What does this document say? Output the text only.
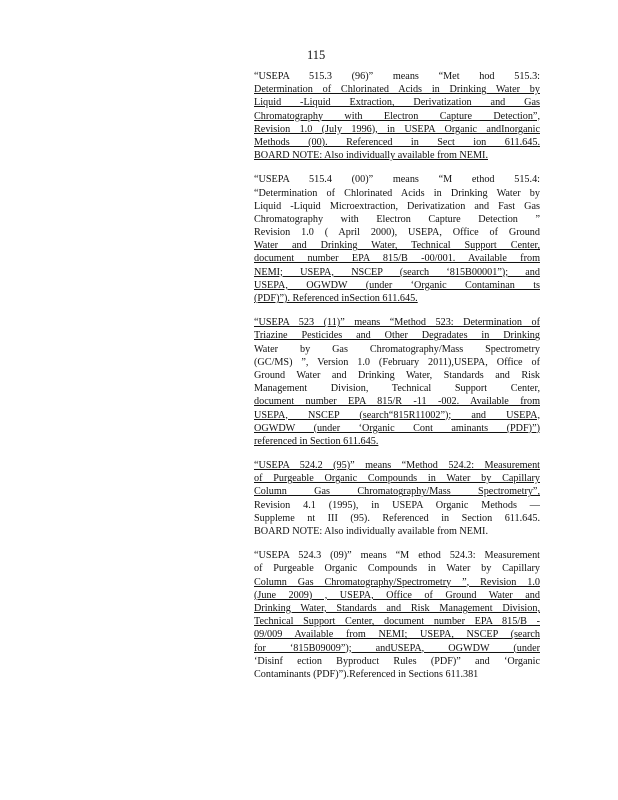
115
“USEPA 515.3 (96)” means “Met hod 515.3:
Determination of Chlorinated Acids in Drinking Water by
Liquid -Liquid Extraction, Derivatization and Gas
Chromatography with Electron Capture Detection”,
Revision 1.0 (July 1996), in USEPA Organic andInorganic
Methods (00). Referenced in Sect ion 611.645.
BOARD NOTE: Also individually available from NEMI.
“USEPA 515.4 (00)” means “M ethod 515.4:
“Determination of Chlorinated Acids in Drinking Water by
Liquid -Liquid Microextraction, Derivatization and Fast Gas
Chromatography with Electron Capture Detection ”
Revision 1.0 ( April 2000), USEPA, Office of Ground
Water and Drinking Water, Technical Support Center,
document number EPA 815/B -00/001. Available from
NEMI; USEPA, NSCEP (search ‘815B00001”); and
USEPA, OGWDW (under ‘Organic Contaminan ts
(PDF)”). Referenced inSection 611.645.
“USEPA 523 (11)” means “Method 523: Determination of
Triazine Pesticides and Other Degradates in Drinking
Water by Gas Chromatography/Mass Spectrometry
(GC/MS) ”, Version 1.0 (February 2011),USEPA, Office of
Ground Water and Drinking Water, Standards and Risk
Management Division, Technical Support Center,
document number EPA 815/R -11 -002. Available from
USEPA, NSCEP (search“815R11002”); and USEPA,
OGWDW (under ‘Organic Cont aminants (PDF)”)
referenced in Section 611.645.
“USEPA 524.2 (95)” means “Method 524.2: Measurement
of Purgeable Organic Compounds in Water by Capillary
Column Gas Chromatography/Mass Spectrometry”,
Revision 4.1 (1995), in USEPA Organic Methods —
Suppleme nt III (95). Referenced in Section 611.645.
BOARD NOTE: Also individually available from NEMI.
“USEPA 524.3 (09)” means “M ethod 524.3: Measurement
of Purgeable Organic Compounds in Water by Capillary
Column Gas Chromatography/Spectrometry ”, Revision 1.0
(June 2009) , USEPA, Office of Ground Water and
Drinking Water, Standards and Risk Management Division,
Technical Support Center, document number EPA 815/B -
09/009 Available from NEMI; USEPA, NSCEP (search
for ‘815B09009”); andUSEPA, OGWDW (under
‘Disinf ection Byproduct Rules (PDF)” and ‘Organic
Contaminants (PDF)”).Referenced in Sections 611.381
